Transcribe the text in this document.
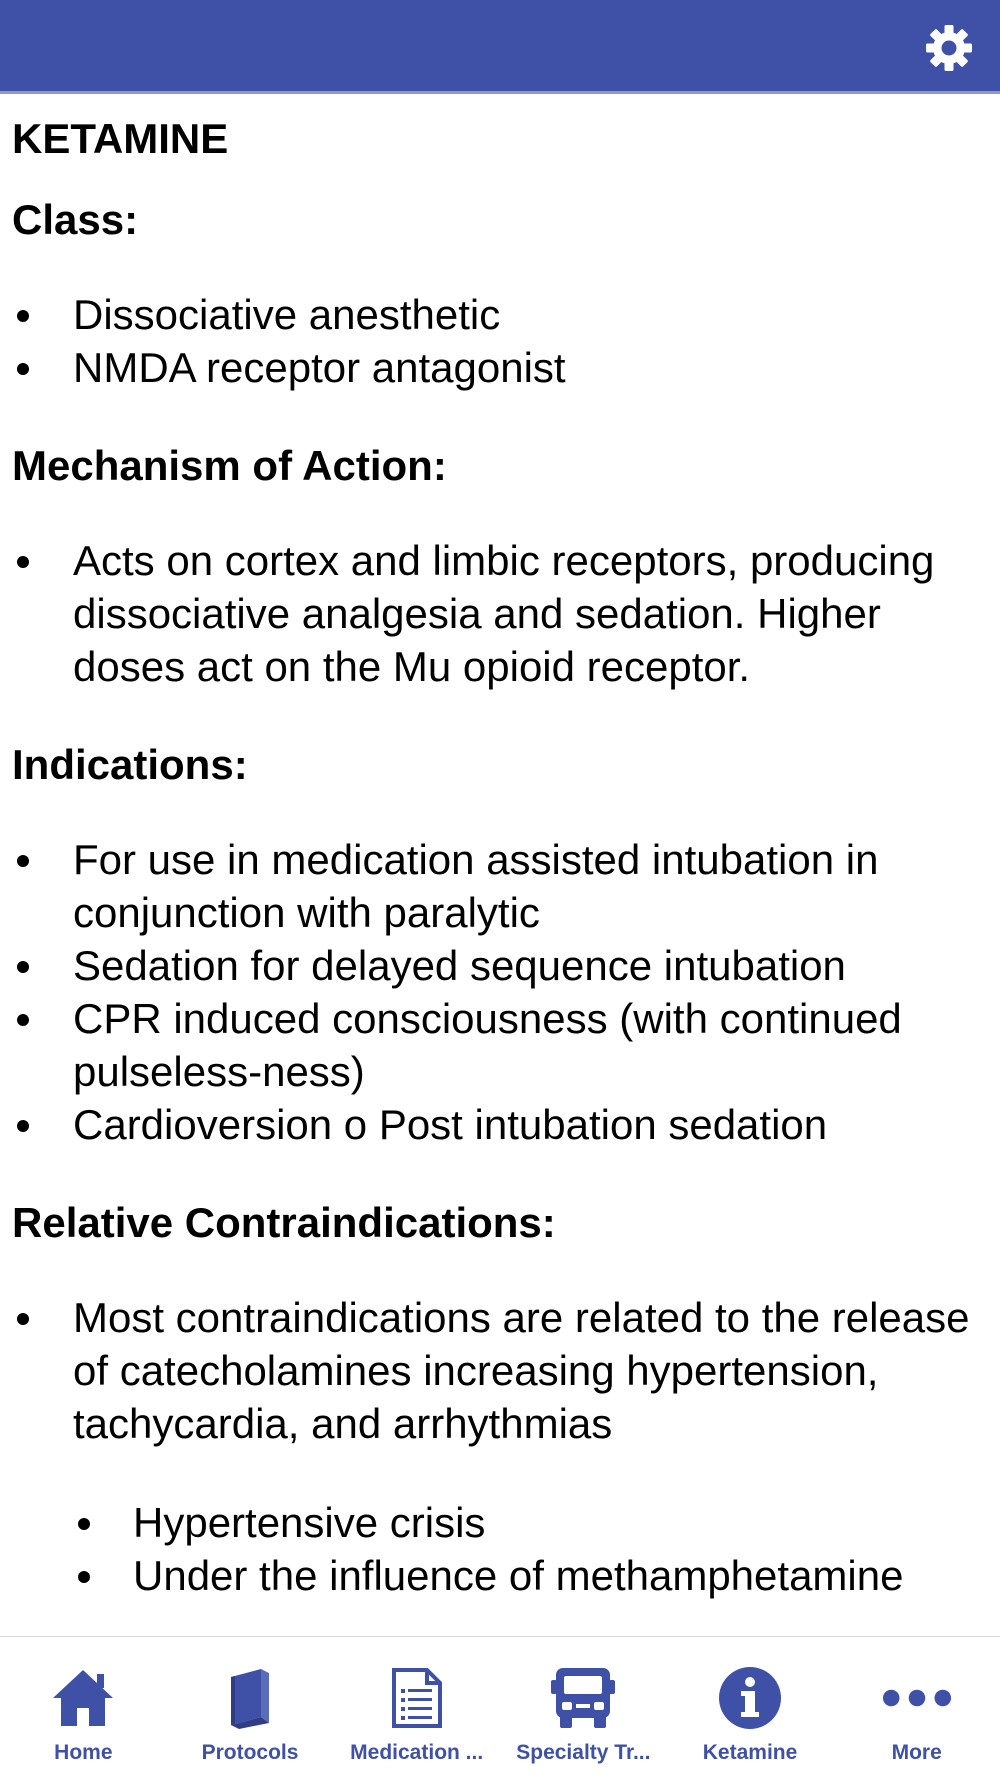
KETAMINE
Class:
Dissociative anesthetic
NMDA receptor antagonist
Mechanism of Action:
Acts on cortex and limbic receptors, producing dissociative analgesia and sedation. Higher doses act on the Mu opioid receptor.
Indications:
For use in medication assisted intubation in conjunction with paralytic
Sedation for delayed sequence intubation
CPR induced consciousness (with continued pulseless-ness)
Cardioversion o Post intubation sedation
Relative Contraindications:
Most contraindications are related to the release of catecholamines increasing hypertension, tachycardia, and arrhythmias
Hypertensive crisis
Under the influence of methamphetamine
Home	Protocols Medication ... Specialty Tr... Ketamine	More
